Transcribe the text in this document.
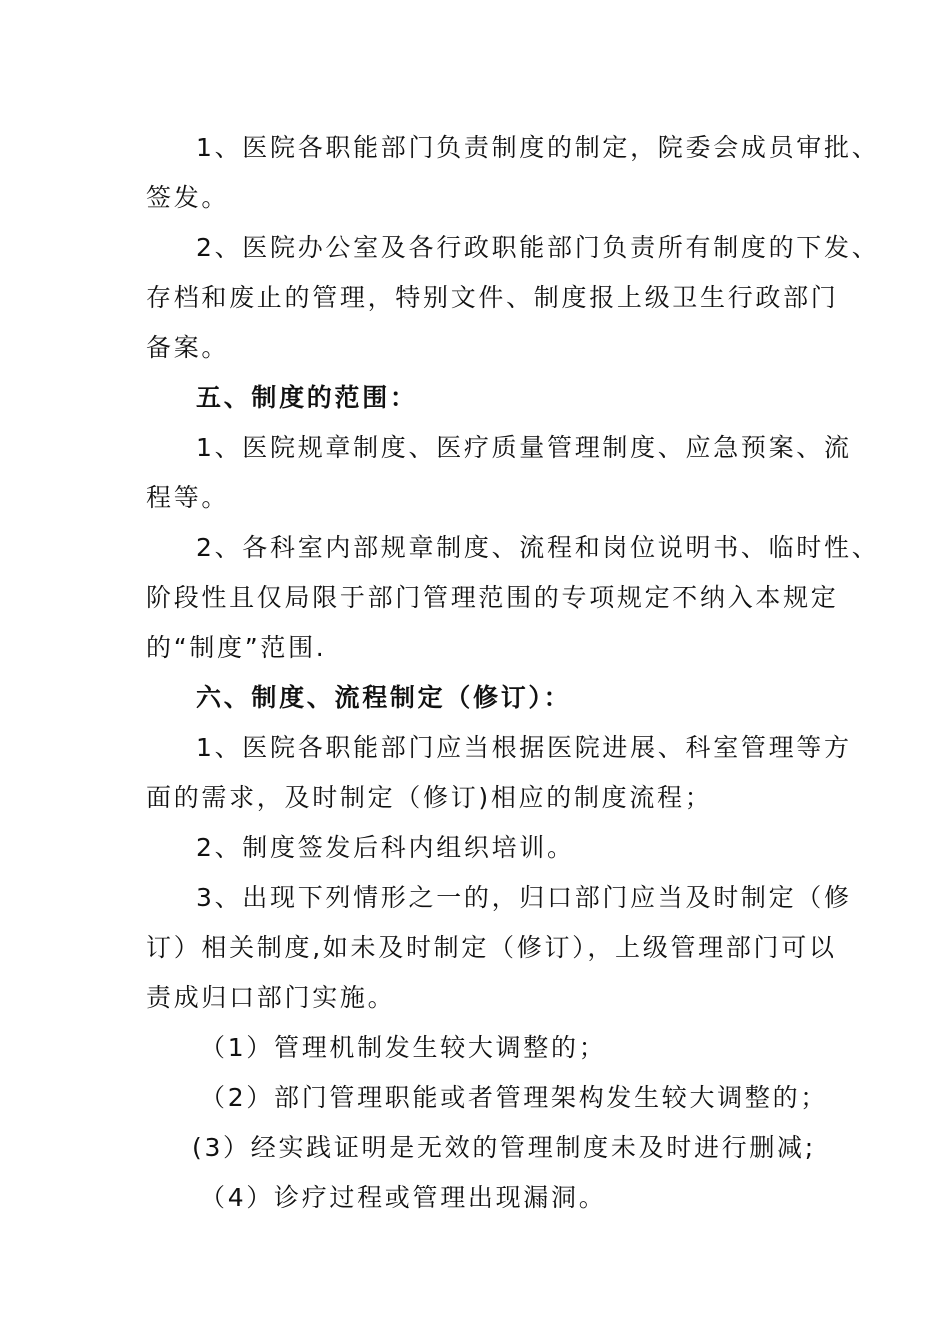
1、医院各职能部门负责制度的制定，院委会成员审批、
签发。
2、医院办公室及各行政职能部门负责所有制度的下发、
存档和废止的管理，特别文件、制度报上级卫生行政部门
备案。
五、制度的范围：
1、医院规章制度、医疗质量管理制度、应急预案、流
程等。
2、各科室内部规章制度、流程和岗位说明书、临时性、
阶段性且仅局限于部门管理范围的专项规定不纳入本规定
的“制度”范围.
六、制度、流程制定（修订）：
1、医院各职能部门应当根据医院进展、科室管理等方
面的需求，及时制定（修订)相应的制度流程；
2、制度签发后科内组织培训。
3、出现下列情形之一的，归口部门应当及时制定（修
订）相关制度,如未及时制定（修订），上级管理部门可以
责成归口部门实施。
（1）管理机制发生较大调整的；
（2）部门管理职能或者管理架构发生较大调整的；
(3）经实践证明是无效的管理制度未及时进行删减;
（4）诊疗过程或管理出现漏洞。
